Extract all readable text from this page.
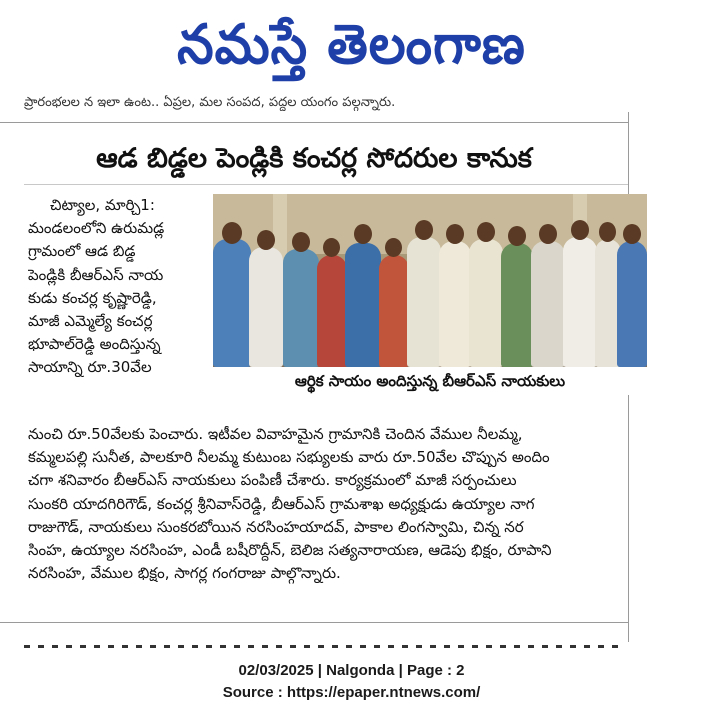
నమస్తే తెలంగాణ
ప్రారంభలల న ఇలా ఉంట.. ఏప్రల, మల సంపద, పద్దల యంగం పల్గన్నారు.
ఆడ బిడ్డల పెండ్లికి కంచర్ల సోదరుల కానుక
చిట్యాల, మార్చి1:
మండలంలోని ఉరుమడ్ల
గ్రామంలో ఆడ బిడ్డ
పెండ్లికి బీఆర్ఎస్ నాయ
కుడు కంచర్ల కృష్ణారెడ్డి,
మాజీ ఎమ్మెల్యే కంచర్ల
భూపాల్‌రెడ్డి అందిస్తున్న
సాయాన్ని రూ.30వేల
ఆర్థిక సాయం అందిస్తున్న బీఆర్ఎస్ నాయకులు
నుంచి రూ.50వేలకు పెంచారు. ఇటీవల వివాహమైన గ్రామానికి చెందిన వేముల నీలమ్మ,
కమ్మలపల్లి సునీత, పాలకూరి నీలమ్మ కుటుంబ సభ్యులకు వారు రూ.50వేల చొప్పున అందిం
చగా శనివారం బీఆర్ఎస్ నాయకులు పంపిణీ చేశారు. కార్యక్రమంలో మాజీ సర్పంచులు
సుంకరి యాదగిరిగౌడ్, కంచర్ల శ్రీనివాస్‌రెడ్డి, బీఆర్ఎస్ గ్రామశాఖ అధ్యక్షుడు ఉయ్యాల నాగ
రాజుగౌడ్, నాయకులు సుంకరబోయిన నరసింహయాదవ్, పాకాల లింగస్వామి, చిన్న నర
సింహ, ఉయ్యాల నరసింహ, ఎండీ బషీరొద్దీన్, బెలిజ సత్యనారాయణ, ఆడెపు భిక్షం, రూపాని
నరసింహ, వేముల భిక్షం, సాగర్ల గంగరాజు పాల్గొన్నారు.
02/03/2025 | Nalgonda | Page : 2
Source : https://epaper.ntnews.com/
